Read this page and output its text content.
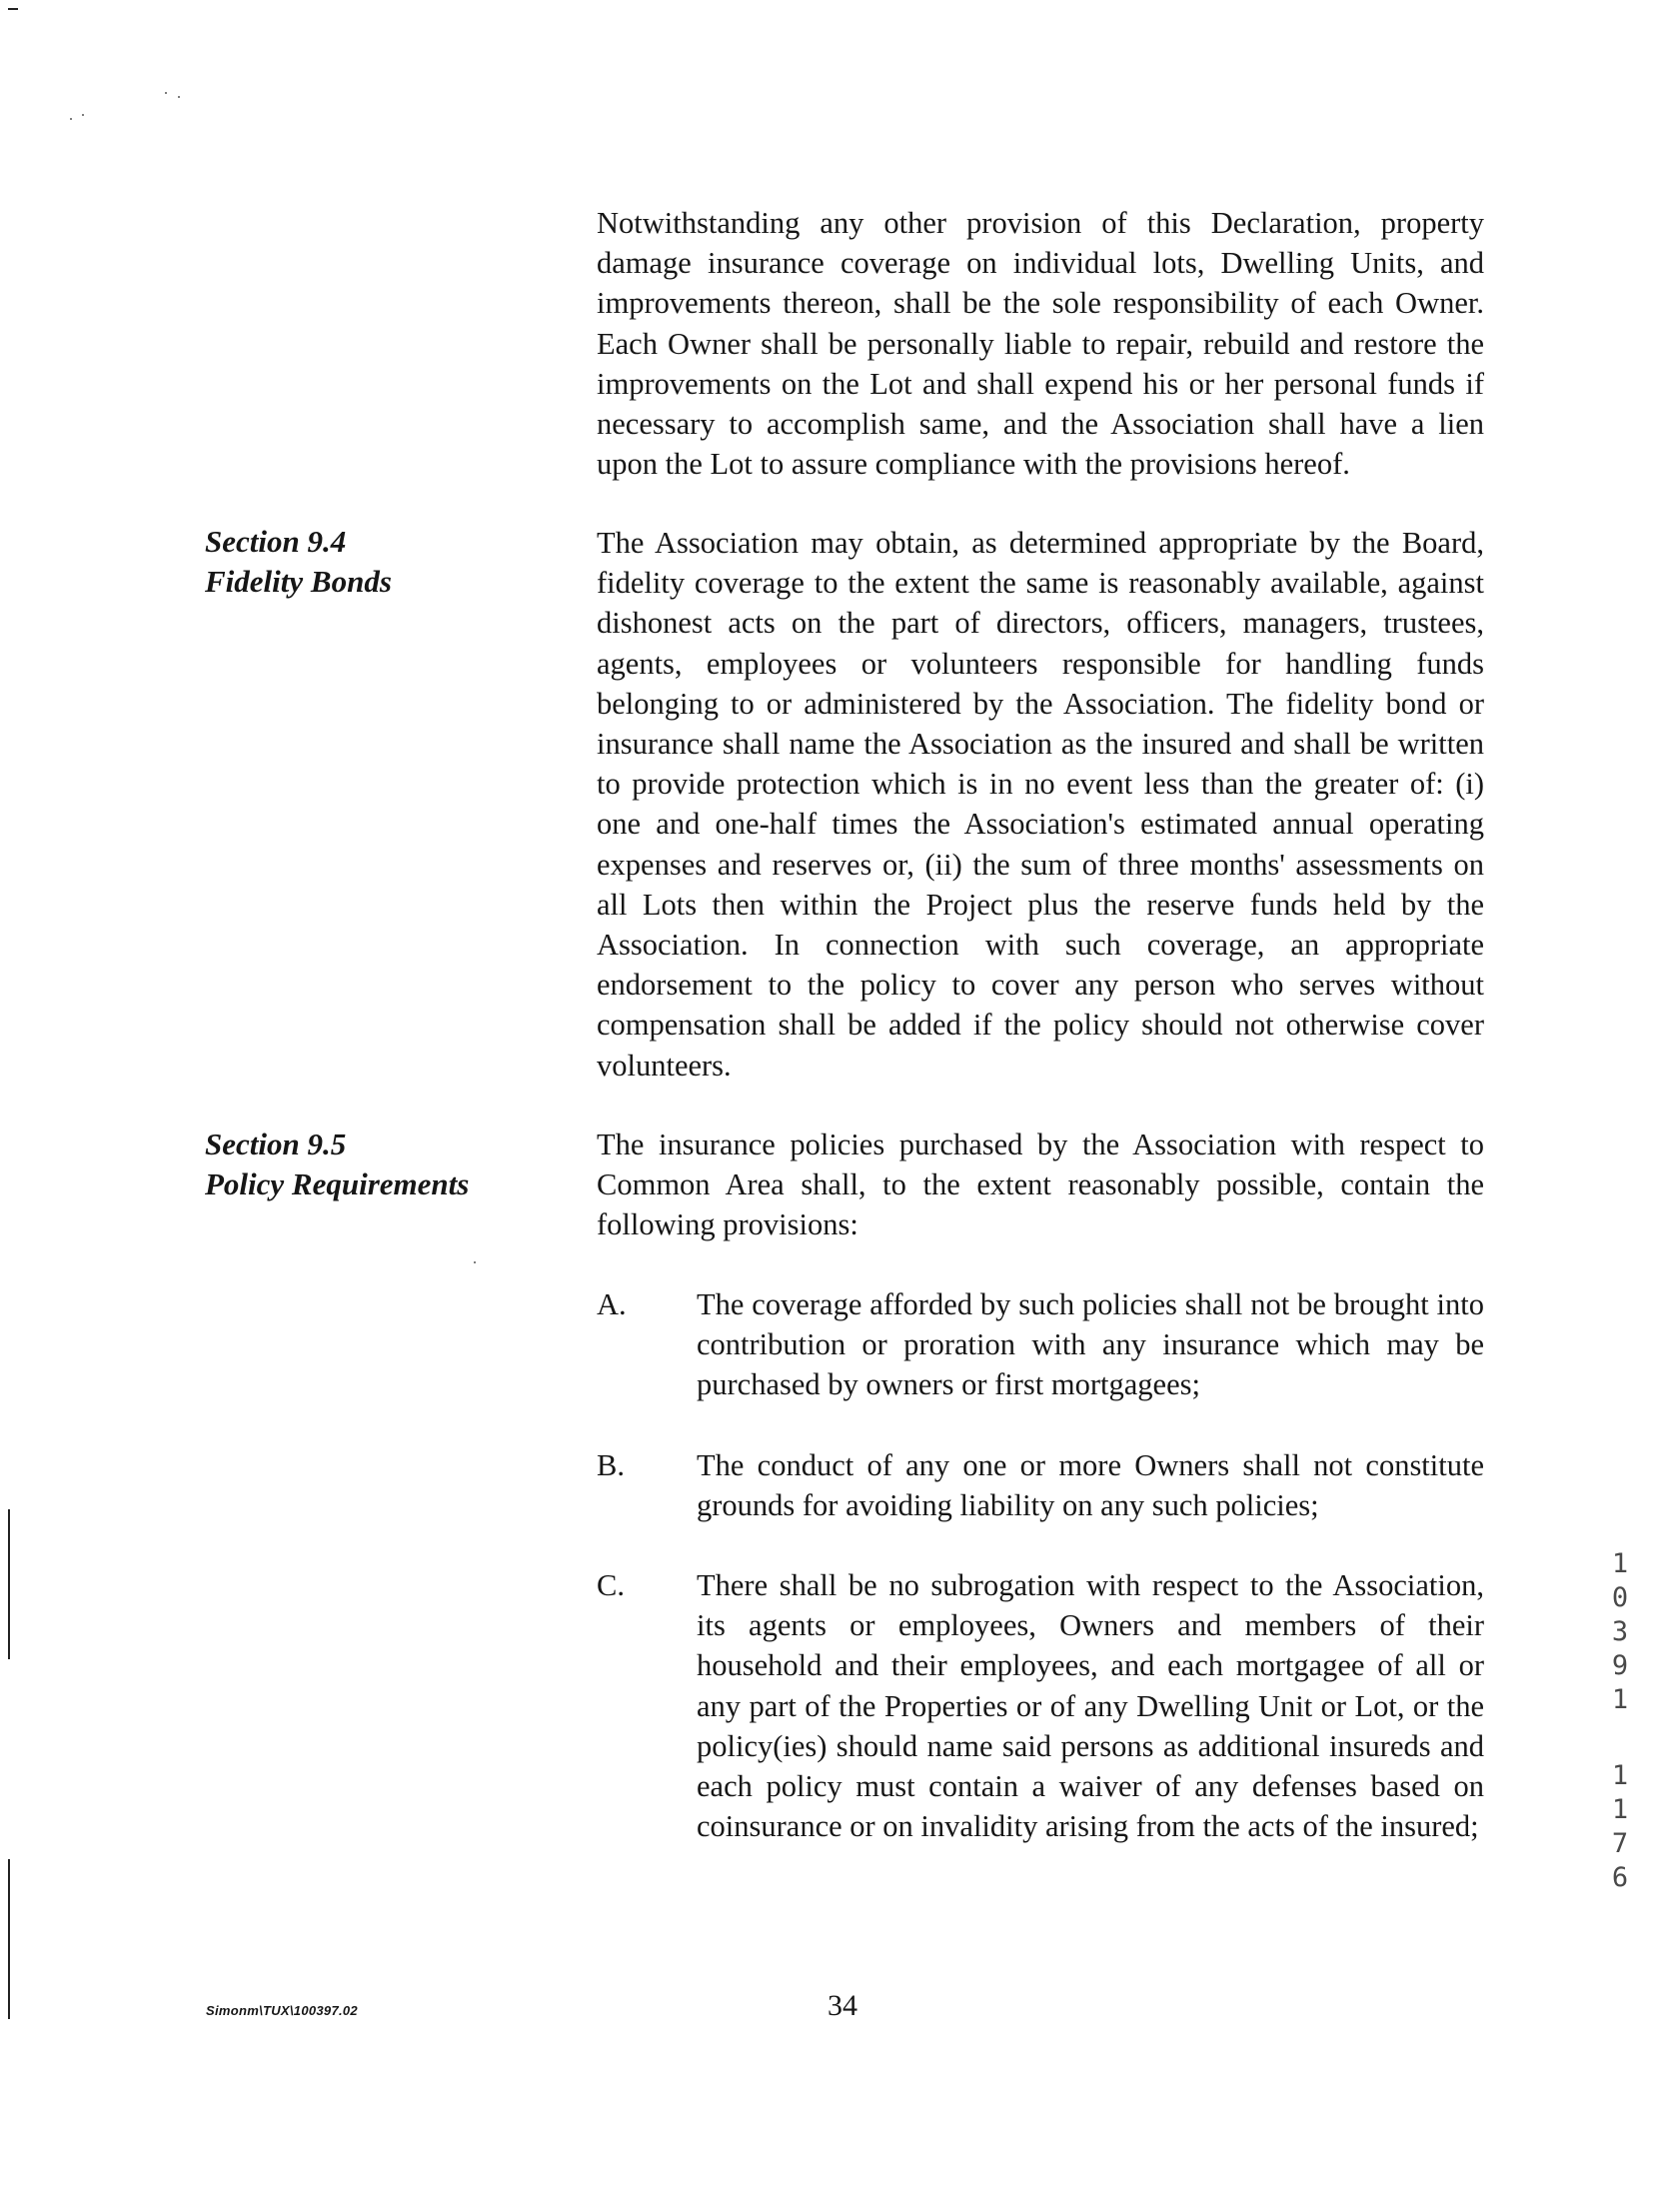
Notwithstanding any other provision of this Declaration, property damage insurance coverage on individual lots, Dwelling Units, and improvements thereon, shall be the sole responsibility of each Owner. Each Owner shall be personally liable to repair, rebuild and restore the improvements on the Lot and shall expend his or her personal funds if necessary to accomplish same, and the Association shall have a lien upon the Lot to assure compliance with the provisions hereof.

Section 9.4
Fidelity Bonds

The Association may obtain, as determined appropriate by the Board, fidelity coverage to the extent the same is reasonably available, against dishonest acts on the part of directors, officers, managers, trustees, agents, employees or volunteers responsible for handling funds belonging to or administered by the Association. The fidelity bond or insurance shall name the Association as the insured and shall be written to provide protection which is in no event less than the greater of: (i) one and one-half times the Association's estimated annual operating expenses and reserves or, (ii) the sum of three months' assessments on all Lots then within the Project plus the reserve funds held by the Association. In connection with such coverage, an appropriate endorsement to the policy to cover any person who serves without compensation shall be added if the policy should not otherwise cover volunteers.

Section 9.5
Policy Requirements

The insurance policies purchased by the Association with respect to Common Area shall, to the extent reasonably possible, contain the following provisions:

A. The coverage afforded by such policies shall not be brought into contribution or proration with any insurance which may be purchased by owners or first mortgagees;

B. The conduct of any one or more Owners shall not constitute grounds for avoiding liability on any such policies;

C. There shall be no subrogation with respect to the Association, its agents or employees, Owners and members of their household and their employees, and each mortgagee of all or any part of the Properties or of any Dwelling Unit or Lot, or the policy(ies) should name said persons as additional insureds and each policy must contain a waiver of any defenses based on coinsurance or on invalidity arising from the acts of the insured;

Simonm\TUX\100397.02	34
1
0
3
9
1
1
1
7
6
